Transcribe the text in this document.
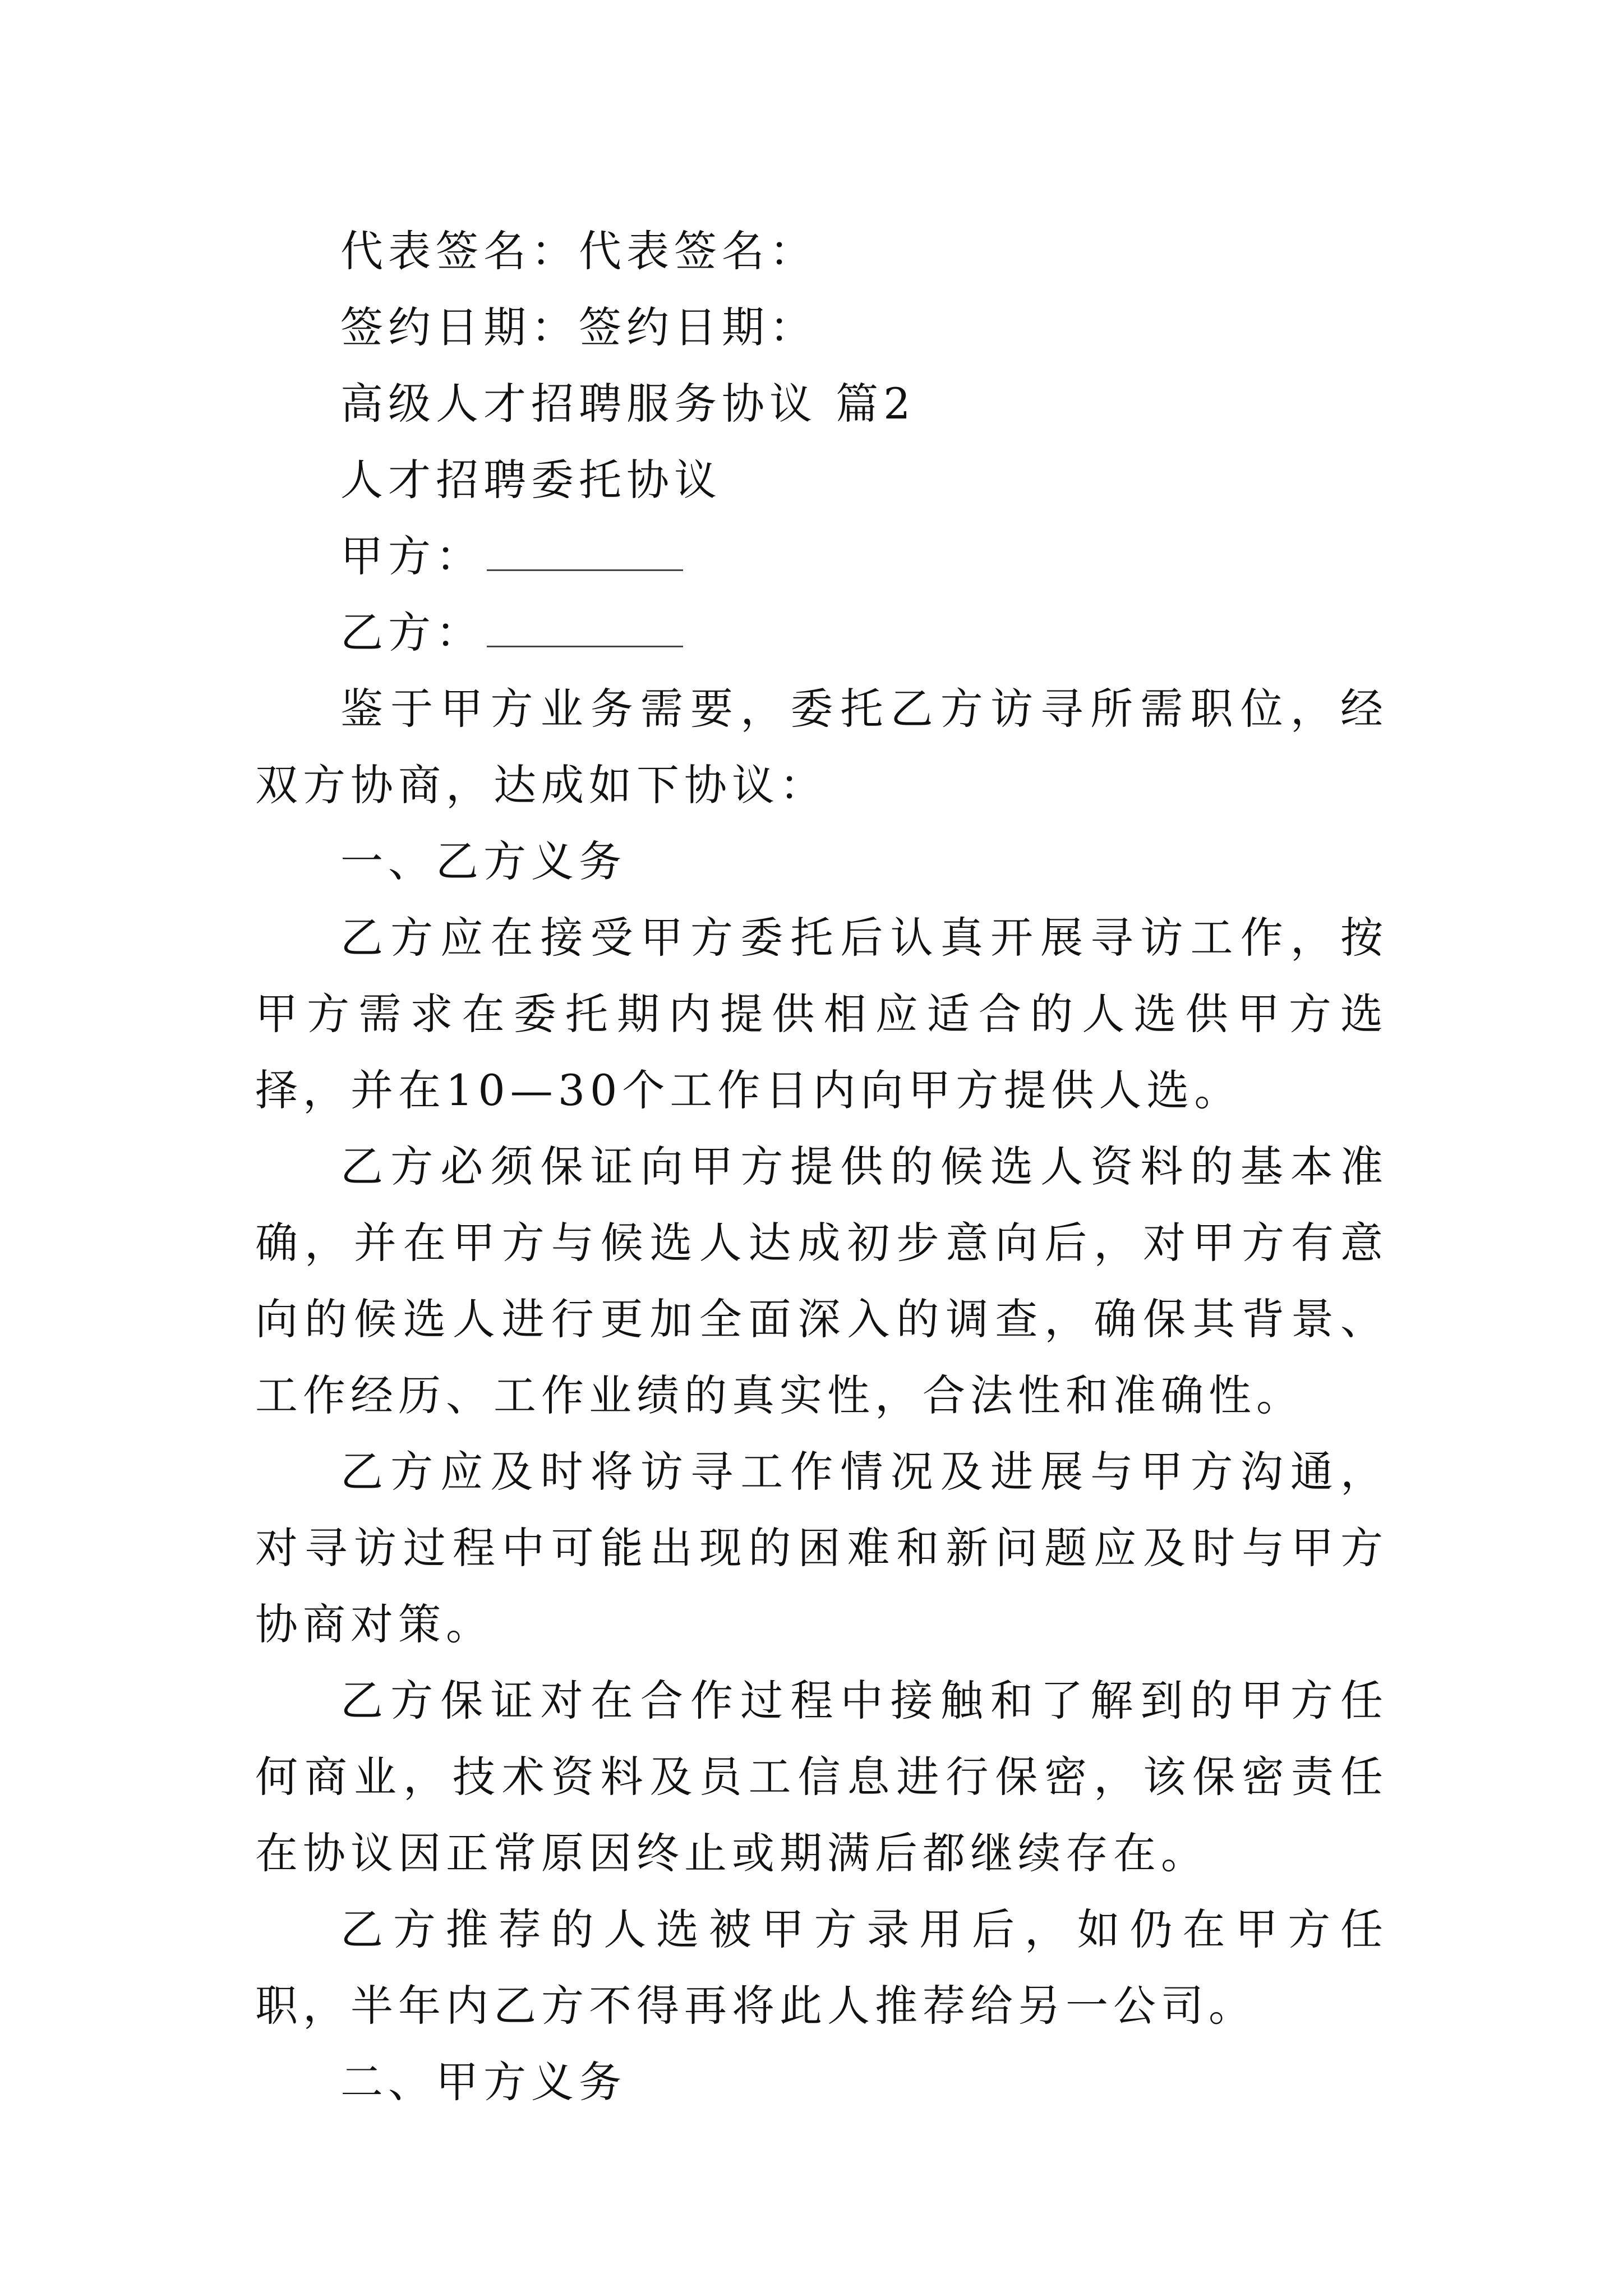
代表签名：代表签名：

签约日期：签约日期：

高级人才招聘服务协议 篇2

人才招聘委托协议

甲方：

乙方：

鉴于甲方业务需要，委托乙方访寻所需职位，经双方协商，达成如下协议：

一、乙方义务

乙方应在接受甲方委托后认真开展寻访工作，按甲方需求在委托期内提供相应适合的人选供甲方选择，并在10—30个工作日内向甲方提供人选。

乙方必须保证向甲方提供的候选人资料的基本准确，并在甲方与候选人达成初步意向后，对甲方有意向的候选人进行更加全面深入的调查，确保其背景、工作经历、工作业绩的真实性，合法性和准确性。

乙方应及时将访寻工作情况及进展与甲方沟通，对寻访过程中可能出现的困难和新问题应及时与甲方协商对策。

乙方保证对在合作过程中接触和了解到的甲方任何商业，技术资料及员工信息进行保密，该保密责任在协议因正常原因终止或期满后都继续存在。

乙方推荐的人选被甲方录用后，如仍在甲方任职，半年内乙方不得再将此人推荐给另一公司。

二、甲方义务
